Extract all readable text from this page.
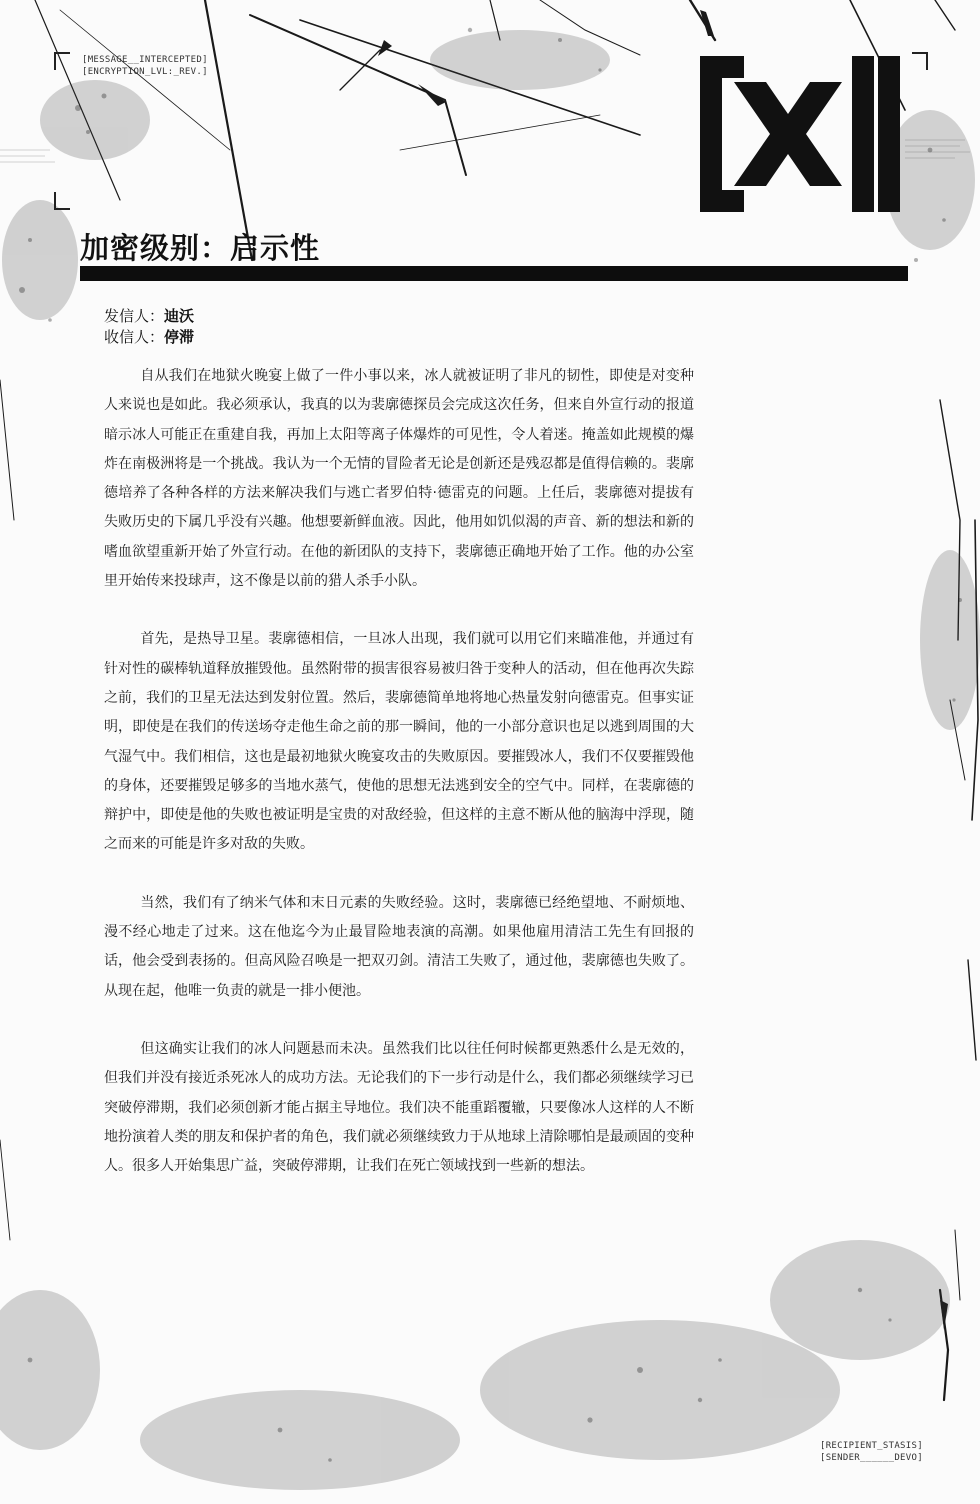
[MESSAGE__INTERCEPTED]
[ENCRYPTION_LVL:_REV.]
加密级别：启示性
发信人：迪沃
收信人：停滞

自从我们在地狱火晚宴上做了一件小事以来，冰人就被证明了非凡的韧性，即使是对变种人来说也是如此。我必须承认，我真的以为裴廓德探员会完成这次任务，但来自外宣行动的报道暗示冰人可能正在重建自我，再加上太阳等离子体爆炸的可见性，令人着迷。掩盖如此规模的爆炸在南极洲将是一个挑战。我认为一个无情的冒险者无论是创新还是残忍都是值得信赖的。裴廓德培养了各种各样的方法来解决我们与逃亡者罗伯特·德雷克的问题。上任后，裴廓德对提拔有失败历史的下属几乎没有兴趣。他想要新鲜血液。因此，他用如饥似渴的声音、新的想法和新的嗜血欲望重新开始了外宣行动。在他的新团队的支持下，裴廓德正确地开始了工作。他的办公室里开始传来投球声，这不像是以前的猎人杀手小队。

首先，是热导卫星。裴廓德相信，一旦冰人出现，我们就可以用它们来瞄准他，并通过有针对性的碳棒轨道释放摧毁他。虽然附带的损害很容易被归咎于变种人的活动，但在他再次失踪之前，我们的卫星无法达到发射位置。然后，裴廓德简单地将地心热量发射向德雷克。但事实证明，即使是在我们的传送场夺走他生命之前的那一瞬间，他的一小部分意识也足以逃到周围的大气湿气中。我们相信，这也是最初地狱火晚宴攻击的失败原因。要摧毁冰人，我们不仅要摧毁他的身体，还要摧毁足够多的当地水蒸气，使他的思想无法逃到安全的空气中。同样，在裴廓德的辩护中，即使是他的失败也被证明是宝贵的对敌经验，但这样的主意不断从他的脑海中浮现，随之而来的可能是许多对敌的失败。

当然，我们有了纳米气体和末日元素的失败经验。这时，裴廓德已经绝望地、不耐烦地、漫不经心地走了过来。这在他迄今为止最冒险地表演的高潮。如果他雇用清洁工先生有回报的话，他会受到表扬的。但高风险召唤是一把双刃剑。清洁工失败了，通过他，裴廓德也失败了。从现在起，他唯一负责的就是一排小便池。

但这确实让我们的冰人问题悬而未决。虽然我们比以往任何时候都更熟悉什么是无效的，但我们并没有接近杀死冰人的成功方法。无论我们的下一步行动是什么，我们都必须继续学习已突破停滞期，我们必须创新才能占据主导地位。我们决不能重蹈覆辙，只要像冰人这样的人不断地扮演着人类的朋友和保护者的角色，我们就必须继续致力于从地球上清除哪怕是最顽固的变种人。很多人开始集思广益，突破停滞期，让我们在死亡领域找到一些新的想法。

[RECIPIENT_STASIS]
[SENDER______DEVO]
